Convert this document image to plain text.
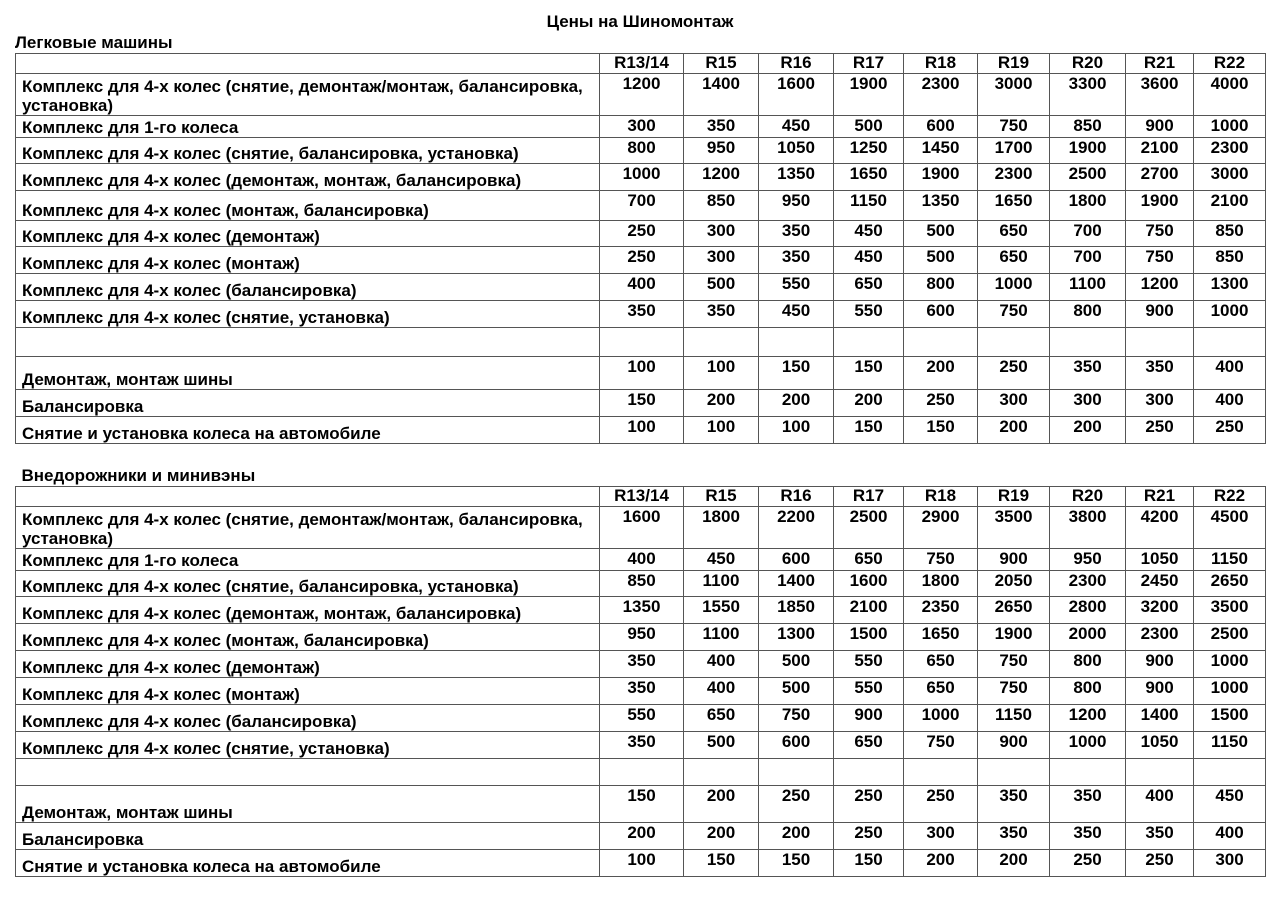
Цены на Шиномонтаж
Легковые машины
	R13/14	R15	R16	R17	R18	R19	R20	R21	R22
Комплекс для 4-х колес (снятие, демонтаж/монтаж, балансировка, установка)	1200	1400	1600	1900	2300	3000	3300	3600	4000
Комплекс для 1-го колеса	300	350	450	500	600	750	850	900	1000
Комплекс для 4-х колес (снятие, балансировка, установка)	800	950	1050	1250	1450	1700	1900	2100	2300
Комплекс для 4-х колес (демонтаж, монтаж, балансировка)	1000	1200	1350	1650	1900	2300	2500	2700	3000
Комплекс для 4-х колес (монтаж, балансировка)	700	850	950	1150	1350	1650	1800	1900	2100
Комплекс для 4-х колес (демонтаж)	250	300	350	450	500	650	700	750	850
Комплекс для 4-х колес (монтаж)	250	300	350	450	500	650	700	750	850
Комплекс для 4-х колес (балансировка)	400	500	550	650	800	1000	1100	1200	1300
Комплекс для 4-х колес (снятие, установка)	350	350	450	550	600	750	800	900	1000

Демонтаж, монтаж шины	100	100	150	150	200	250	350	350	400
Балансировка	150	200	200	200	250	300	300	300	400
Снятие и установка колеса на автомобиле	100	100	100	150	150	200	200	250	250
Внедорожники и минивэны									
	R13/14	R15	R16	R17	R18	R19	R20	R21	R22
Комплекс для 4-х колес (снятие, демонтаж/монтаж, балансировка, установка)	1600	1800	2200	2500	2900	3500	3800	4200	4500
Комплекс для 1-го колеса	400	450	600	650	750	900	950	1050	1150
Комплекс для 4-х колес (снятие, балансировка, установка)	850	1100	1400	1600	1800	2050	2300	2450	2650
Комплекс для 4-х колес (демонтаж, монтаж, балансировка)	1350	1550	1850	2100	2350	2650	2800	3200	3500
Комплекс для 4-х колес (монтаж, балансировка)	950	1100	1300	1500	1650	1900	2000	2300	2500
Комплекс для 4-х колес (демонтаж)	350	400	500	550	650	750	800	900	1000
Комплекс для 4-х колес (монтаж)	350	400	500	550	650	750	800	900	1000
Комплекс для 4-х колес (балансировка)	550	650	750	900	1000	1150	1200	1400	1500
Комплекс для 4-х колес (снятие, установка)	350	500	600	650	750	900	1000	1050	1150

Демонтаж, монтаж шины	150	200	250	250	250	350	350	400	450
Балансировка	200	200	200	250	300	350	350	350	400
Снятие и установка колеса на автомобиле	100	150	150	150	200	200	250	250	300
